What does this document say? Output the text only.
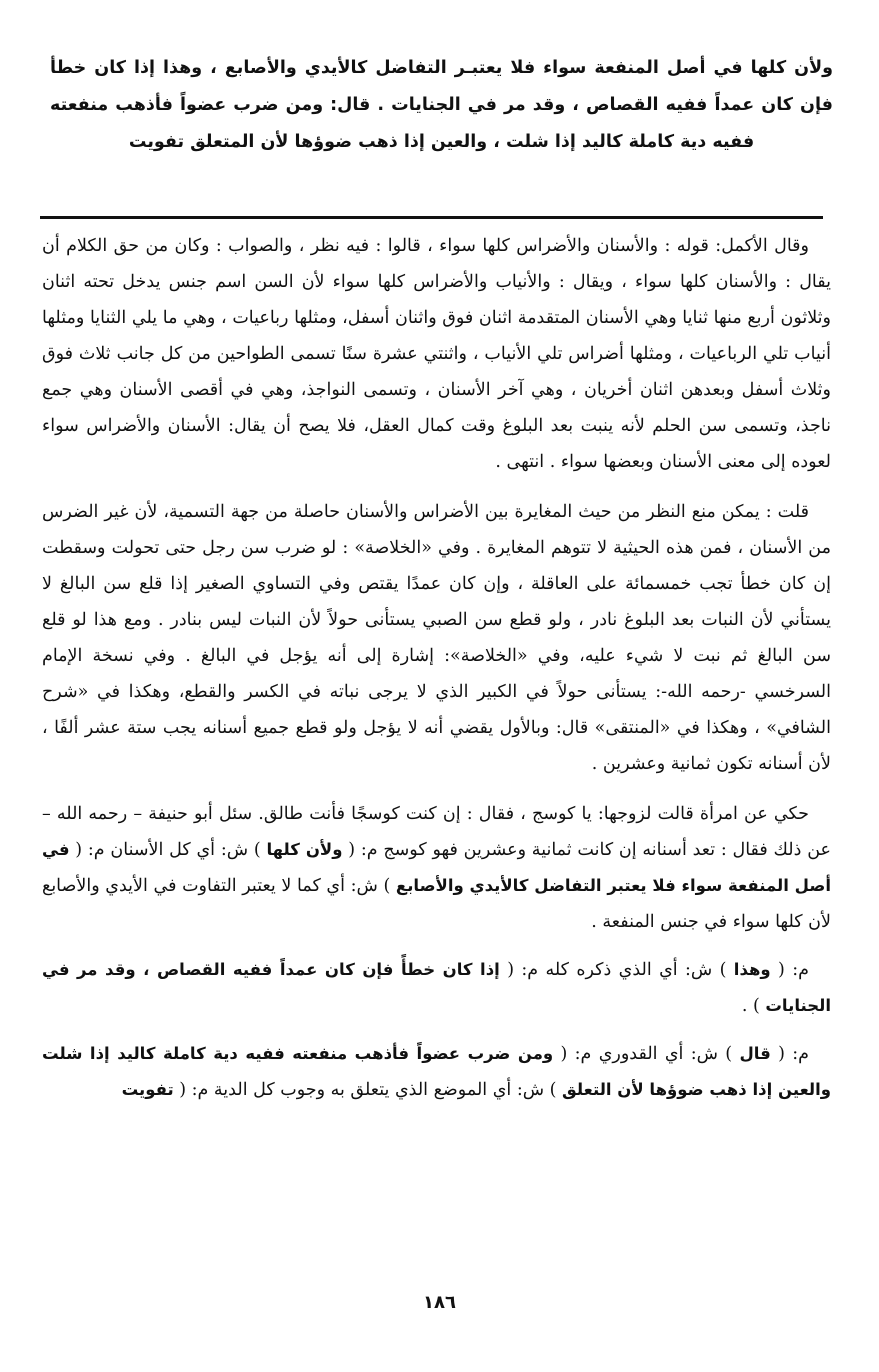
ولأن كلها في أصل المنفعة سواء فلا يعتبـر التفاضل كالأيدي والأصابع ، وهذا إذا كان خطأ فإن كان عمداً ففيه القصاص ، وقد مر في الجنايات . قال: ومن ضرب عضواً فأذهب منفعته ففيه دية كاملة كاليد إذا شلت ، والعين إذا ذهب ضوؤها لأن المتعلق تفويت

وقال الأكمل: قوله : والأسنان والأضراس كلها سواء ، قالوا : فيه نظر ، والصواب : وكان من حق الكلام أن يقال : والأسنان كلها سواء ، ويقال : والأنياب والأضراس كلها سواء لأن السن اسم جنس يدخل تحته اثنان وثلاثون أربع منها ثنايا وهي الأسنان المتقدمة اثنان فوق واثنان أسفل، ومثلها رباعيات ، وهي ما يلي الثنايا ومثلها أنياب تلي الرباعيات ، ومثلها أضراس تلي الأنياب ، واثنتي عشرة سنًا تسمى الطواحين من كل جانب ثلاث فوق وثلاث أسفل وبعدهن اثنان أخريان ، وهي آخر الأسنان ، وتسمى النواجذ، وهي في أقصى الأسنان وهي جمع ناجذ، وتسمى سن الحلم لأنه ينبت بعد البلوغ وقت كمال العقل، فلا يصح أن يقال: الأسنان والأضراس سواء لعوده إلى معنى الأسنان وبعضها سواء . انتهى .

قلت : يمكن منع النظر من حيث المغايرة بين الأضراس والأسنان حاصلة من جهة التسمية، لأن غير الضرس من الأسنان ، فمن هذه الحيثية لا تتوهم المغايرة . وفي «الخلاصة» : لو ضرب سن رجل حتى تحولت وسقطت إن كان خطأ تجب خمسمائة على العاقلة ، وإن كان عمدًا يقتص وفي التساوي الصغير إذا قلع سن البالغ لا يستأني لأن النبات بعد البلوغ نادر ، ولو قطع سن الصبي يستأنى حولاً لأن النبات ليس بنادر . ومع هذا لو قلع سن البالغ ثم نبت لا شيء عليه، وفي «الخلاصة»: إشارة إلى أنه يؤجل في البالغ . وفي نسخة الإمام السرخسي -رحمه الله-: يستأنى حولاً في الكبير الذي لا يرجى نباته في الكسر والقطع، وهكذا في «شرح الشافي» ، وهكذا في «المنتقى» قال: وبالأول يقضي أنه لا يؤجل ولو قطع جميع أسنانه يجب ستة عشر ألفًا ، لأن أسنانه تكون ثمانية وعشرين .

حكي عن امرأة قالت لزوجها: يا كوسج ، فقال : إن كنت كوسجًا فأنت طالق. سئل أبو حنيفة – رحمه الله – عن ذلك فقال : تعد أسنانه إن كانت ثمانية وعشرين فهو كوسج م: ( ولأن كلها ) ش: أي كل الأسنان م: ( في أصل المنفعة سواء فلا يعتبر التفاضل كالأيدي والأصابع ) ش: أي كما لا يعتبر التفاوت في الأيدي والأصابع لأن كلها سواء في جنس المنفعة .

م: ( وهذا ) ش: أي الذي ذكره كله م: ( إذا كان خطأً فإن كان عمداً ففيه القصاص ، وقد مر في الجنايات ) .

م: ( قال ) ش: أي القدوري م: ( ومن ضرب عضواً فأذهب منفعته ففيه دية كاملة كاليد إذا شلت والعين إذا ذهب ضوؤها لأن التعلق ) ش: أي الموضع الذي يتعلق به وجوب كل الدية م: ( تفويت

١٨٦
